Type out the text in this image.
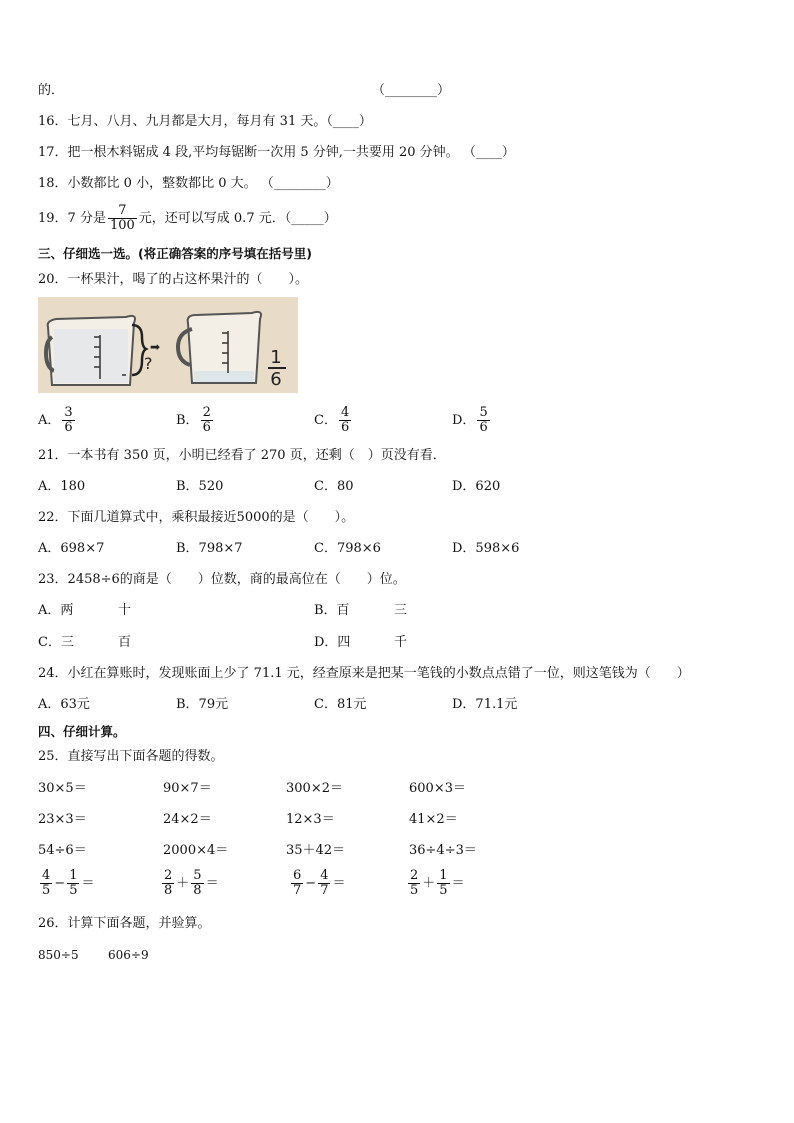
的．	（________）
16．七月、八月、九月都是大月，每月有 31 天。（____）
17．把一根木料锯成 4 段,平均每锯断一次用 5 分钟,一共要用 20 分钟。 （____）
18．小数都比 0 小，整数都比 0 大。 （________）
19．7 分是 $\frac{7}{100}$ 元，还可以写成 0.7 元．（_____）
三、仔细选一选。(将正确答案的序号填在括号里)
20．一杯果汁，喝了的占这杯果汁的（　　）。
?
➡	1
6
A． $\frac{3}{6}$	B． $\frac{2}{6}$	C． $\frac{4}{6}$	D． $\frac{5}{6}$
21．一本书有 350 页，小明已经看了 270 页，还剩（　）页没有看．
A．180	B．520	C．80	D．620
22．下面几道算式中，乘积最接近5000的是（　　）。
A．698×7	B．798×7	C．798×6	D．598×6
23．2458÷6的商是（　　）位数，商的最高位在（　　）位。
A．两	十	B．百	三
C．三	百	D．四	千
24．小红在算账时，发现账面上少了 71.1 元，经查原来是把某一笔钱的小数点点错了一位，则这笔钱为（　　）
A．63元	B．79元	C．81元	D．71.1元
四、仔细计算。
25．直接写出下面各题的得数。
30×5＝	90×7＝	300×2＝	600×3＝
23×3＝	24×2＝	12×3＝	41×2＝
54÷6＝	2000×4＝	35＋42＝	36÷4÷3＝
$\frac{4}{5} - \frac{1}{5}$ ＝	$\frac{2}{8} + \frac{5}{8}$ ＝	$\frac{6}{7} - \frac{4}{7}$ ＝	$\frac{2}{5} + \frac{1}{5}$ ＝
26．计算下面各题，并验算。
850÷5 606÷9
